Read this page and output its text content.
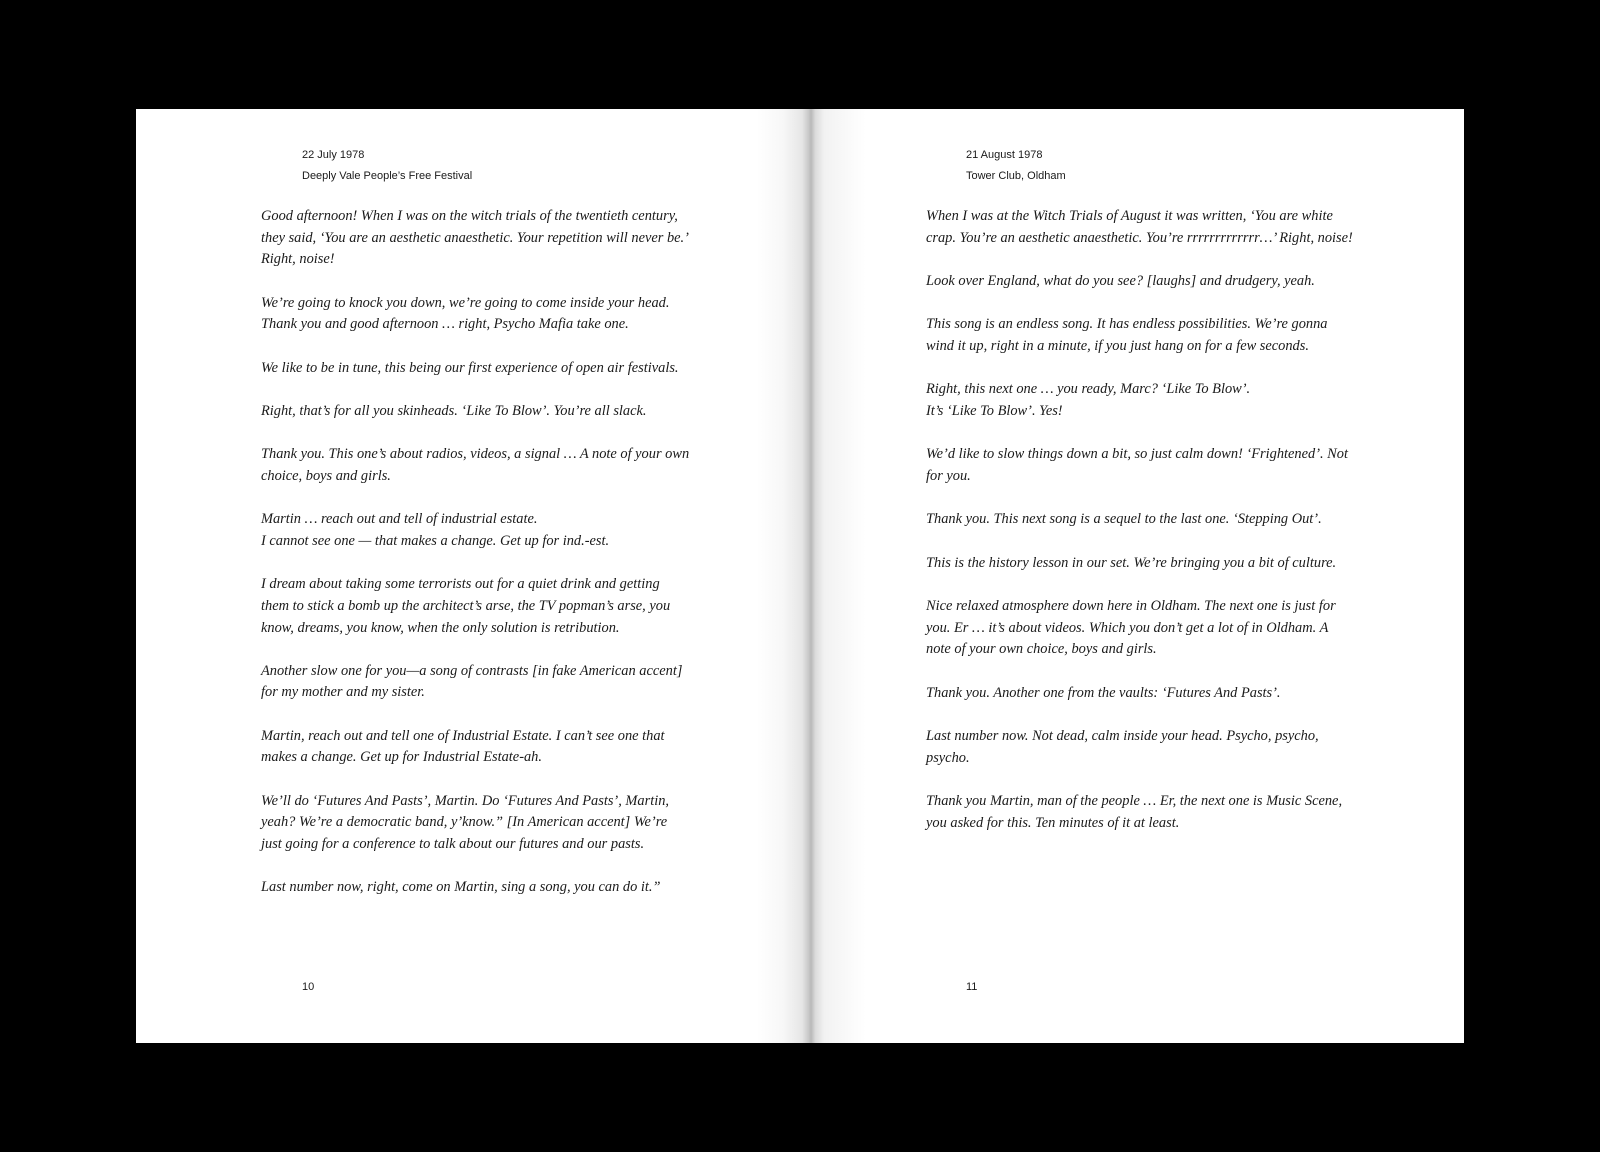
22 July 1978
Deeply Vale People’s Free Festival

Good afternoon! When I was on the witch trials of the twentieth century, they said, ‘You are an aesthetic anaesthetic. Your repetition will never be.’ Right, noise!

We’re going to knock you down, we’re going to come inside your head. Thank you and good afternoon … right, Psycho Mafia take one.

We like to be in tune, this being our first experience of open air festivals.

Right, that’s for all you skinheads. ‘Like To Blow’. You’re all slack.

Thank you. This one’s about radios, videos, a signal … A note of your own choice, boys and girls.

Martin … reach out and tell of industrial estate.
I cannot see one — that makes a change. Get up for ind.-est.

I dream about taking some terrorists out for a quiet drink and getting them to stick a bomb up the architect’s arse, the TV popman’s arse, you know, dreams, you know, when the only solution is retribution.

Another slow one for you—a song of contrasts [in fake American accent] for my mother and my sister.

Martin, reach out and tell one of Industrial Estate. I can’t see one that makes a change. Get up for Industrial Estate-ah.

We’ll do ‘Futures And Pasts’, Martin. Do ‘Futures And Pasts’, Martin, yeah? We’re a democratic band, y’know.” [In American accent] We’re just going for a conference to talk about our futures and our pasts.

Last number now, right, come on Martin, sing a song, you can do it.”

10
21 August 1978
Tower Club, Oldham

When I was at the Witch Trials of August it was written, ‘You are white crap. You’re an aesthetic anaesthetic. You’re rrrrrrrrrrrrr…’ Right, noise!

Look over England, what do you see? [laughs] and drudgery, yeah.

This song is an endless song. It has endless possibilities. We’re gonna wind it up, right in a minute, if you just hang on for a few seconds.

Right, this next one … you ready, Marc? ‘Like To Blow’.
It’s ‘Like To Blow’. Yes!

We’d like to slow things down a bit, so just calm down! ‘Frightened’. Not for you.

Thank you. This next song is a sequel to the last one. ‘Stepping Out’.

This is the history lesson in our set. We’re bringing you a bit of culture.

Nice relaxed atmosphere down here in Oldham. The next one is just for you. Er … it’s about videos. Which you don’t get a lot of in Oldham. A note of your own choice, boys and girls.

Thank you. Another one from the vaults: ‘Futures And Pasts’.

Last number now. Not dead, calm inside your head. Psycho, psycho, psycho.

Thank you Martin, man of the people … Er, the next one is Music Scene, you asked for this. Ten minutes of it at least.

11
